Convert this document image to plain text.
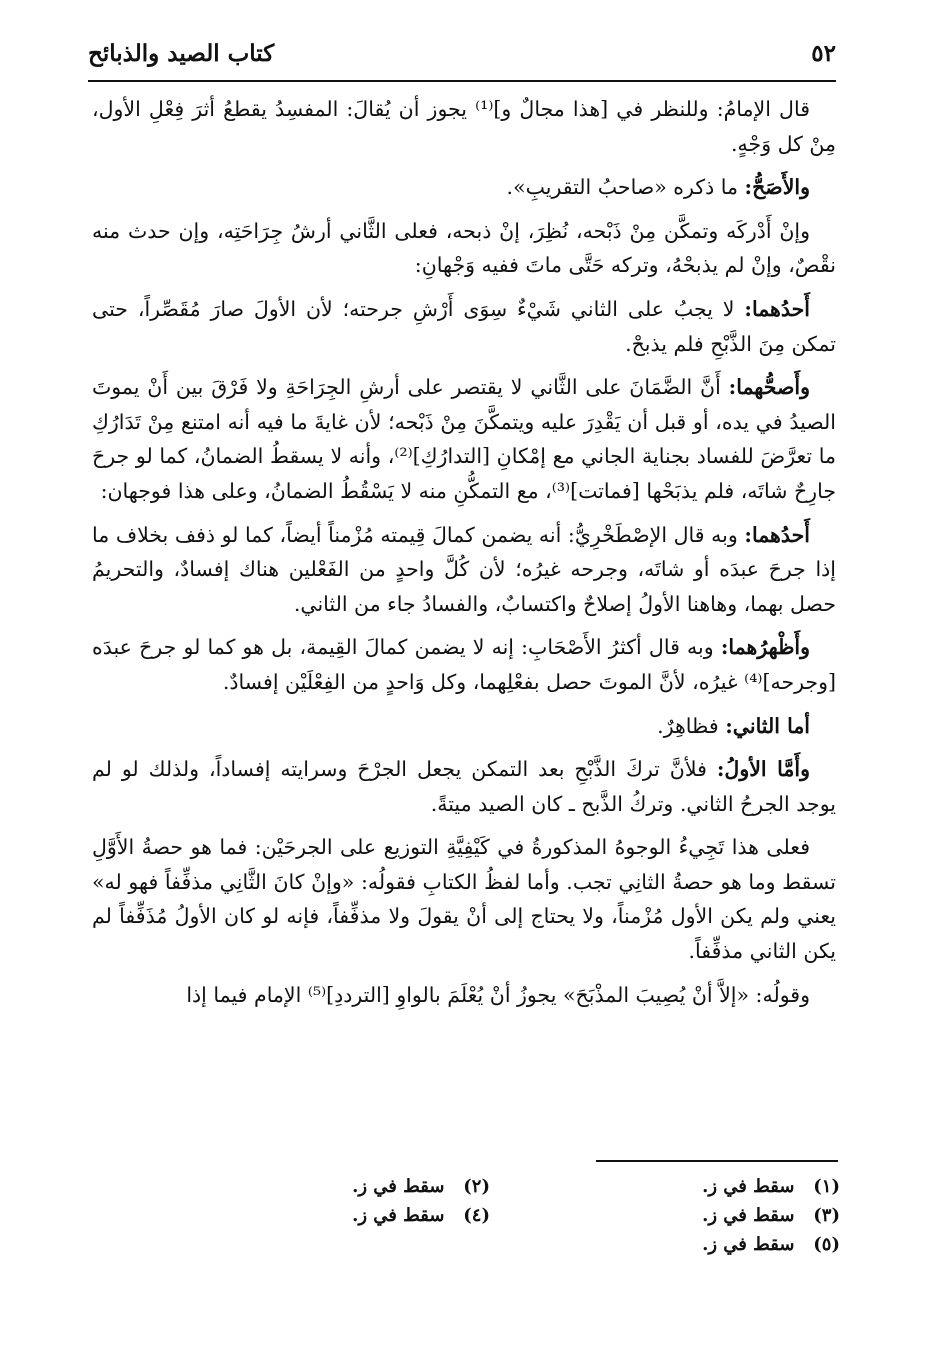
٥٢
كتاب الصيد والذبائح

قال الإمامُ: وللنظر في [هذا مجالٌ و]⁽¹⁾ يجوز أن يُقالَ: المفسِدُ يقطعُ أثرَ فِعْلِ الأول، مِنْ كل وَجْهٍ.

والأَصَحُّ: ما ذكره «صاحبُ التقريبِ».

وإنْ أَدْركَه وتمكَّن مِنْ ذَبْحه، نُظِرَ، إنْ ذبحه، فعلى الثَّاني أرشُ جِرَاحَتِه، وإن حدث منه نقْصٌ، وإنْ لم يذبحْهُ، وتركه حَتَّى ماتَ ففيه وَجْهانِ:

أَحدُهما: لا يجبُ على الثاني شَيْءٌ سِوَى أَرْشِ جرحته؛ لأن الأولَ صارَ مُقَصِّراً، حتى تمكن مِنَ الذَّبْحِ فلم يذبحْ.

وأَصحُّهما: أَنَّ الضَّمَانَ على الثَّاني لا يقتصر على أرشِ الجِرَاحَةِ ولا فَرْقَ بين أَنْ يموتَ الصيدُ في يده، أو قبل أن يَقْدِرَ عليه ويتمكَّنَ مِنْ ذَبْحه؛ لأن غايةَ ما فيه أنه امتنع مِنْ تَدَارُكِ ما تعرَّضَ للفساد بجناية الجاني مع إمْكانِ [التدارُكِ]⁽²⁾، وأنه لا يسقطُ الضمانُ، كما لو جرحَ جارِحٌ شاتَه، فلم يذبَحْها [فماتت]⁽³⁾، مع التمكُّنِ منه لا يَسْقُطُ الضمانُ، وعلى هذا فوجهان:

أَحدُهما: وبه قال الإصْطَخْرِيُّ: أنه يضمن كمالَ قِيمته مُزْمناً أيضاً، كما لو ذفف بخلاف ما إذا جرحَ عبدَه أو شاتَه، وجرحه غيرُه؛ لأن كُلَّ واحدٍ من الفَعْلين هناك إفسادٌ، والتحريمُ حصل بهما، وهاهنا الأولُ إصلاحٌ واكتسابٌ، والفسادُ جاء من الثاني.

وأَظْهرُهما: وبه قال أكثرُ الأَصْحَابِ: إنه لا يضمن كمالَ القِيمة، بل هو كما لو جرحَ عبدَه [وجرحه]⁽⁴⁾ غيرُه، لأنَّ الموتَ حصل بفعْلِهما، وكل وَاحدٍ من الفِعْلَيْن إفسادٌ.

أما الثاني: فظاهِرٌ.

وأَمَّا الأولُ: فلأنَّ تركَ الذَّبْحِ بعد التمكن يجعل الجرْحَ وسرايته إفساداً، ولذلك لو لم يوجد الجرحُ الثاني. وتركُ الذَّبح ـ كان الصيد ميتةً.

فعلى هذا تَجِيءُ الوجوهُ المذكورةُ في كَيْفِيَّةِ التوزيع على الجرحَيْن: فما هو حصةُ الأَوَّلِ تسقط وما هو حصةُ الثانِي تجب. وأما لفظُ الكتابِ فقولُه: «وإنْ كانَ الثَّانِي مذفِّفاً فهو له» يعني ولم يكن الأول مُزْمناً، ولا يحتاج إلى أنْ يقولَ ولا مذفِّفاً، فإنه لو كان الأولُ مُذَفِّفاً لم يكن الثاني مذفِّفاً.

وقولُه: «إلاَّ أنْ يُصِيبَ المذْبَحَ» يجوزُ أنْ يُعْلَمَ بالواوِ [الترددِ]⁽⁵⁾ الإمام فيما إذا

(١)   سقط في ز.
(٢)   سقط في ز.
(٣)   سقط في ز.
(٤)   سقط في ز.
(٥)   سقط في ز.
